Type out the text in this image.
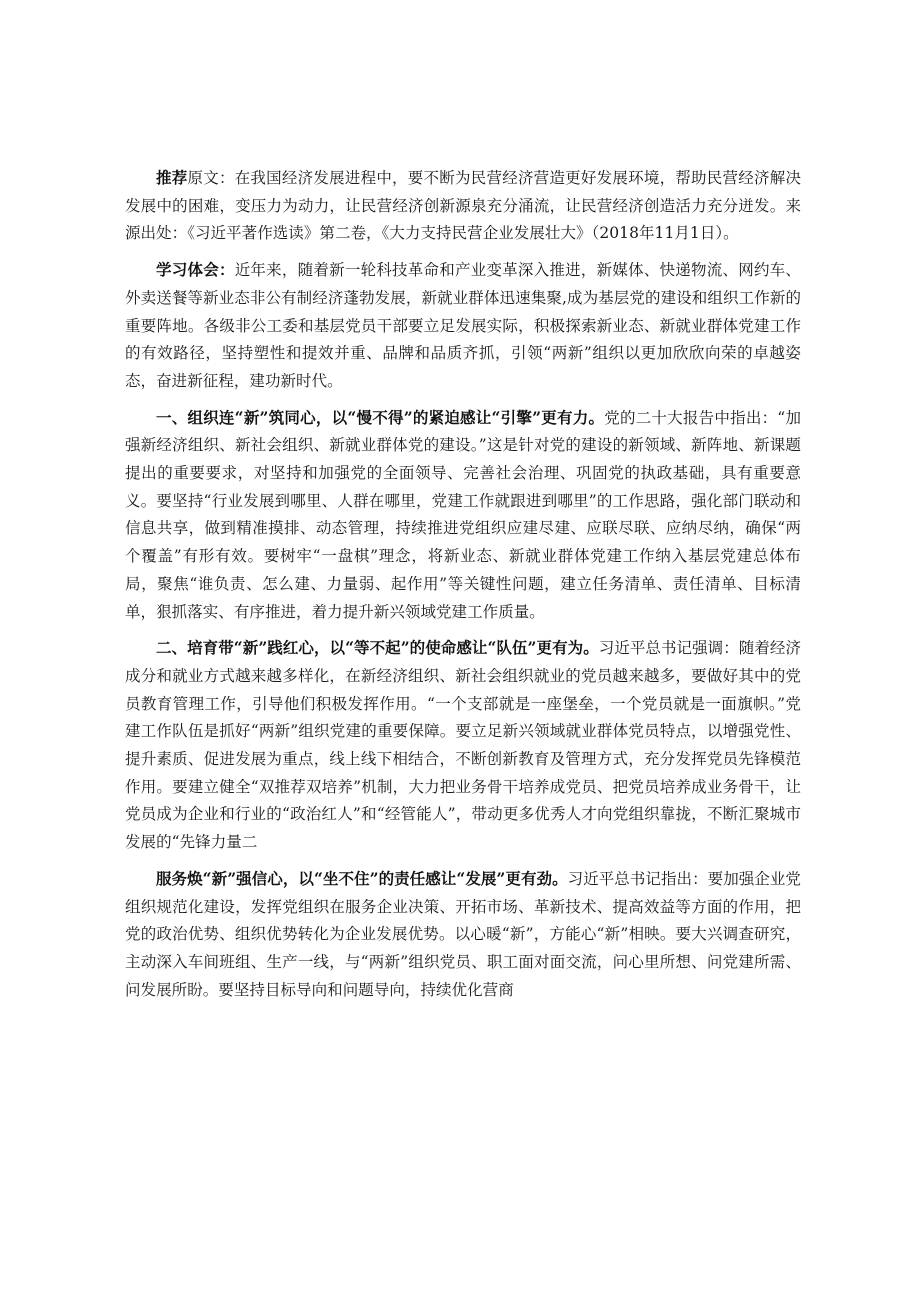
推荐原文：在我国经济发展进程中，要不断为民营经济营造更好发展环境，帮助民营经济解决发展中的困难，变压力为动力，让民营经济创新源泉充分涌流，让民营经济创造活力充分迸发。来源出处：《习近平著作选读》第二卷，《大力支持民营企业发展壮大》（2018年11月1日）。

学习体会：近年来，随着新一轮科技革命和产业变革深入推进，新媒体、快递物流、网约车、外卖送餐等新业态非公有制经济蓬勃发展，新就业群体迅速集聚,成为基层党的建设和组织工作新的重要阵地。各级非公工委和基层党员干部要立足发展实际，积极探索新业态、新就业群体党建工作的有效路径，坚持塑性和提效并重、品牌和品质齐抓，引领“两新”组织以更加欣欣向荣的卓越姿态，奋进新征程，建功新时代。

一、组织连“新”筑同心，以“慢不得”的紧迫感让“引擎”更有力。党的二十大报告中指出：“加强新经济组织、新社会组织、新就业群体党的建设。”这是针对党的建设的新领域、新阵地、新课题提出的重要要求，对坚持和加强党的全面领导、完善社会治理、巩固党的执政基础，具有重要意义。要坚持“行业发展到哪里、人群在哪里，党建工作就跟进到哪里”的工作思路，强化部门联动和信息共享，做到精准摸排、动态管理，持续推进党组织应建尽建、应联尽联、应纳尽纳，确保“两个覆盖”有形有效。要树牢“一盘棋”理念，将新业态、新就业群体党建工作纳入基层党建总体布局，聚焦“谁负责、怎么建、力量弱、起作用”等关键性问题，建立任务清单、责任清单、目标清单，狠抓落实、有序推进，着力提升新兴领域党建工作质量。

二、培育带“新”践红心，以“等不起”的使命感让“队伍”更有为。习近平总书记强调：随着经济成分和就业方式越来越多样化，在新经济组织、新社会组织就业的党员越来越多，要做好其中的党员教育管理工作，引导他们积极发挥作用。“一个支部就是一座堡垒，一个党员就是一面旗帜。”党建工作队伍是抓好“两新”组织党建的重要保障。要立足新兴领域就业群体党员特点，以增强党性、提升素质、促进发展为重点，线上线下相结合，不断创新教育及管理方式，充分发挥党员先锋模范作用。要建立健全“双推荐双培养”机制，大力把业务骨干培养成党员、把党员培养成业务骨干，让党员成为企业和行业的“政治红人”和“经管能人”，带动更多优秀人才向党组织靠拢，不断汇聚城市发展的“先锋力量二

服务焕“新”强信心，以“坐不住”的责任感让“发展”更有劲。习近平总书记指出：要加强企业党组织规范化建设，发挥党组织在服务企业决策、开拓市场、革新技术、提高效益等方面的作用，把党的政治优势、组织优势转化为企业发展优势。以心暖“新”，方能心“新”相映。要大兴调查研究，主动深入车间班组、生产一线，与“两新”组织党员、职工面对面交流，问心里所想、问党建所需、问发展所盼。要坚持目标导向和问题导向，持续优化营商
